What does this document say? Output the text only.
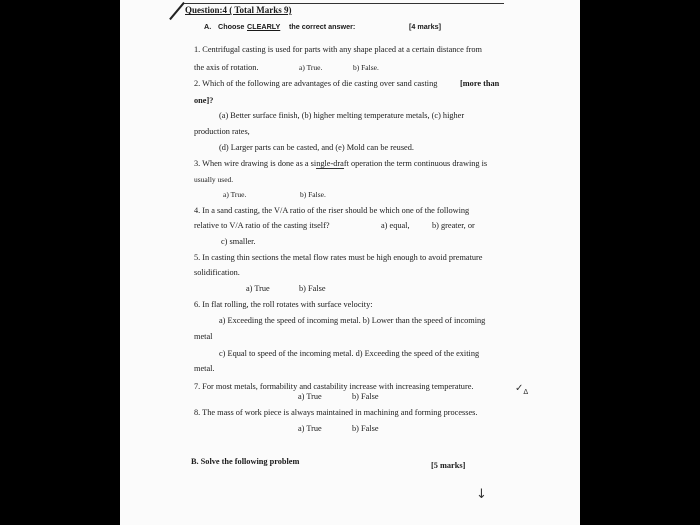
Question:4 ( Total Marks 9)
A. Choose CLEARLY the correct answer:	[4 marks]
1. Centrifugal casting is used for parts with any shape placed at a certain distance from
the axis of rotation.	a) True.	b) False.
2. Which of the following are advantages of die casting over sand casting	[more than
one]?
(a) Better surface finish, (b) higher melting temperature metals, (c) higher
production rates,
(d) Larger parts can be casted, and (e) Mold can be reused.
3. When wire drawing is done as a single-draft operation the term continuous drawing is
usually used.
a) True.	b) False.
4. In a sand casting, the V/A ratio of the riser should be which one of the following
relative to V/A ratio of the casting itself?	a) equal,	b) greater, or
c) smaller.
5. In casting thin sections the metal flow rates must be high enough to avoid premature
solidification.
a) True	b) False
6. In flat rolling, the roll rotates with surface velocity:
a) Exceeding the speed of incoming metal. b) Lower than the speed of incoming
metal
c) Equal to speed of the incoming metal. d) Exceeding the speed of the exiting
metal.
7. For most metals, formability and castability increase with increasing temperature.
a) True	b) False
$✓_\Delta$
8. The mass of work piece is always maintained in machining and forming processes.
a) True	b) False
B. Solve the following problem	[5 marks]
↓
